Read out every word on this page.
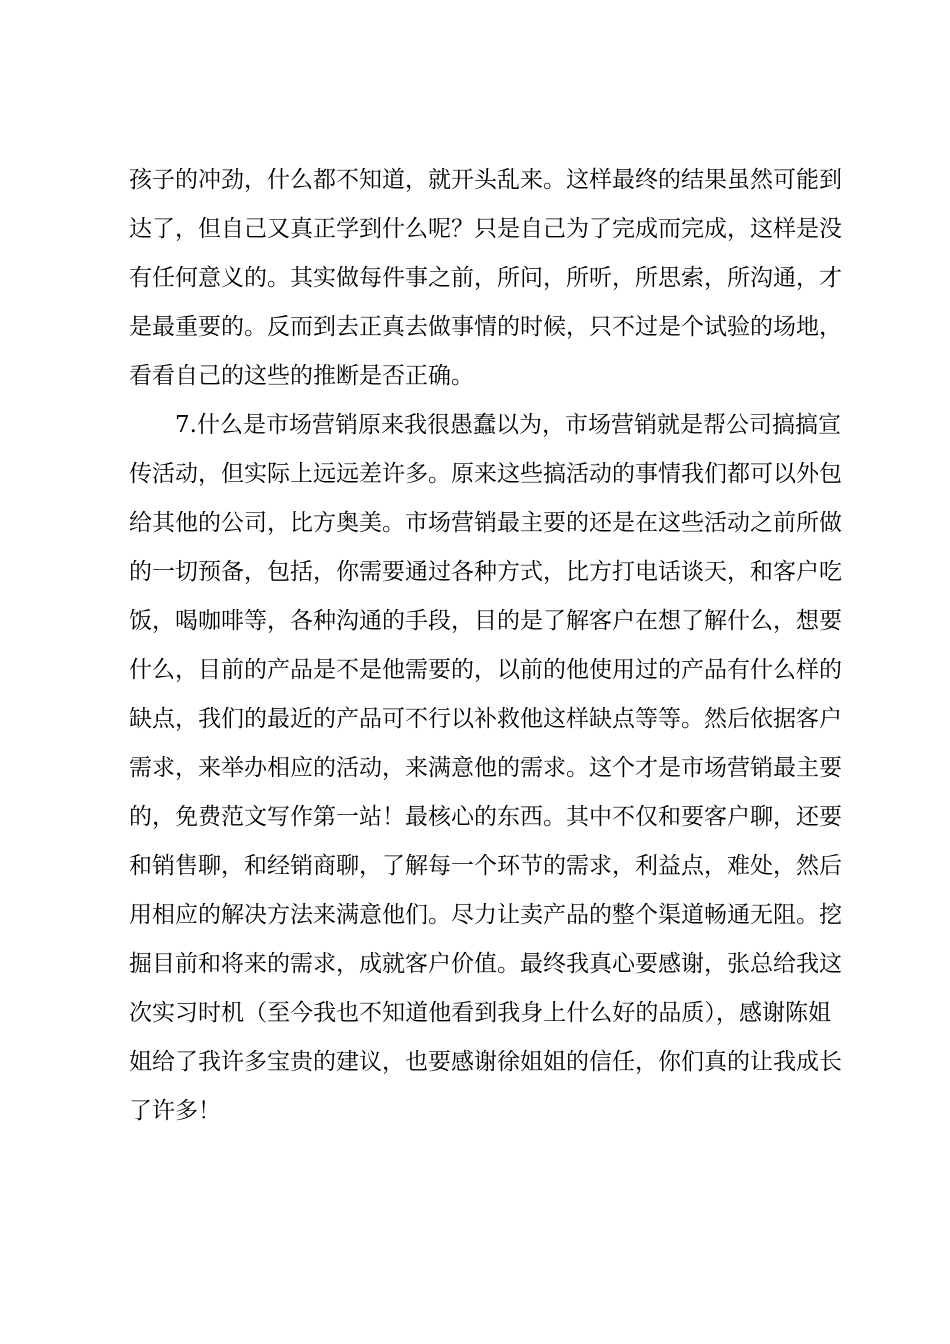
孩子的冲劲，什么都不知道，就开头乱来。这样最终的结果虽然可能到
达了，但自己又真正学到什么呢？只是自己为了完成而完成，这样是没
有任何意义的。其实做每件事之前，所问，所听，所思索，所沟通，才
是最重要的。反而到去正真去做事情的时候，只不过是个试验的场地，
看看自己的这些的推断是否正确。
7.什么是市场营销原来我很愚蠢以为，市场营销就是帮公司搞搞宣
传活动，但实际上远远差许多。原来这些搞活动的事情我们都可以外包
给其他的公司，比方奥美。市场营销最主要的还是在这些活动之前所做
的一切预备，包括，你需要通过各种方式，比方打电话谈天，和客户吃
饭，喝咖啡等，各种沟通的手段，目的是了解客户在想了解什么，想要
什么，目前的产品是不是他需要的，以前的他使用过的产品有什么样的
缺点，我们的最近的产品可不行以补救他这样缺点等等。然后依据客户
需求，来举办相应的活动，来满意他的需求。这个才是市场营销最主要
的，免费范文写作第一站！最核心的东西。其中不仅和要客户聊，还要
和销售聊，和经销商聊，了解每一个环节的需求，利益点，难处，然后
用相应的解决方法来满意他们。尽力让卖产品的整个渠道畅通无阻。挖
掘目前和将来的需求，成就客户价值。最终我真心要感谢，张总给我这
次实习时机（至今我也不知道他看到我身上什么好的品质），感谢陈姐
姐给了我许多宝贵的建议，也要感谢徐姐姐的信任，你们真的让我成长
了许多！
